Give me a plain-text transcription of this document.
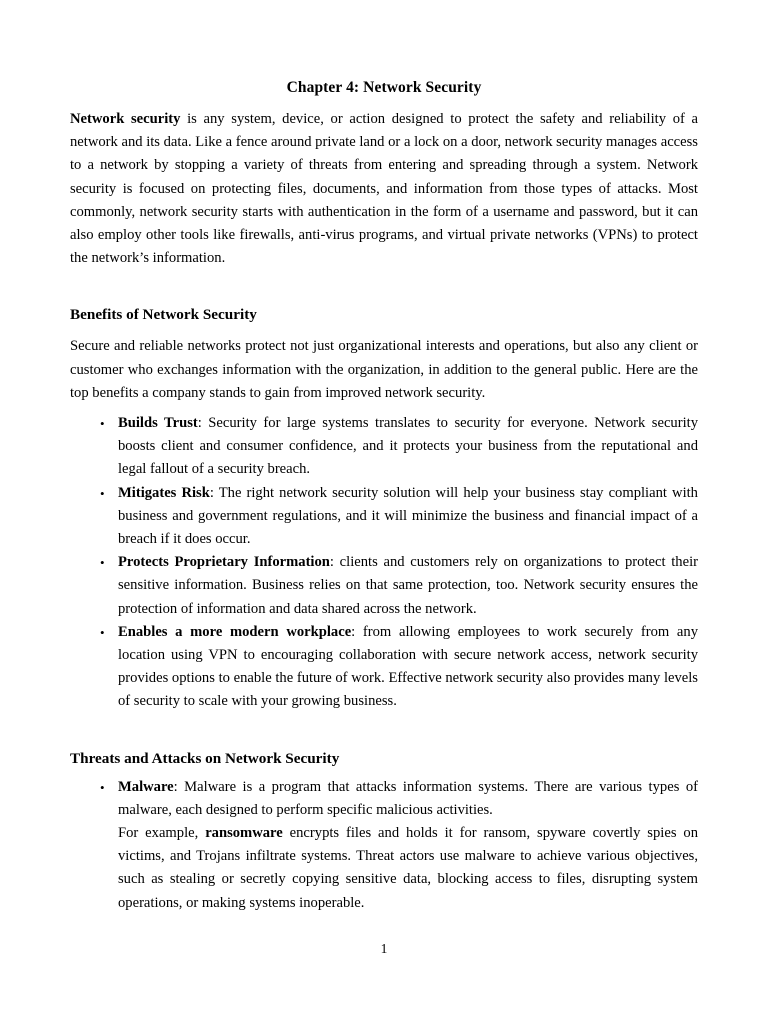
Chapter 4: Network Security

Network security is any system, device, or action designed to protect the safety and reliability of a network and its data. Like a fence around private land or a lock on a door, network security manages access to a network by stopping a variety of threats from entering and spreading through a system. Network security is focused on protecting files, documents, and information from those types of attacks. Most commonly, network security starts with authentication in the form of a username and password, but it can also employ other tools like firewalls, anti-virus programs, and virtual private networks (VPNs) to protect the network’s information.

Benefits of Network Security

Secure and reliable networks protect not just organizational interests and operations, but also any client or customer who exchanges information with the organization, in addition to the general public. Here are the top benefits a company stands to gain from improved network security.

• Builds Trust: Security for large systems translates to security for everyone. Network security boosts client and consumer confidence, and it protects your business from the reputational and legal fallout of a security breach.
• Mitigates Risk: The right network security solution will help your business stay compliant with business and government regulations, and it will minimize the business and financial impact of a breach if it does occur.
• Protects Proprietary Information: clients and customers rely on organizations to protect their sensitive information. Business relies on that same protection, too. Network security ensures the protection of information and data shared across the network.
• Enables a more modern workplace: from allowing employees to work securely from any location using VPN to encouraging collaboration with secure network access, network security provides options to enable the future of work. Effective network security also provides many levels of security to scale with your growing business.
Threats and Attacks on Network Security
• Malware: Malware is a program that attacks information systems. There are various types of malware, each designed to perform specific malicious activities.
For example, ransomware encrypts files and holds it for ransom, spyware covertly spies on victims, and Trojans infiltrate systems. Threat actors use malware to achieve various objectives, such as stealing or secretly copying sensitive data, blocking access to files, disrupting system operations, or making systems inoperable.
1
